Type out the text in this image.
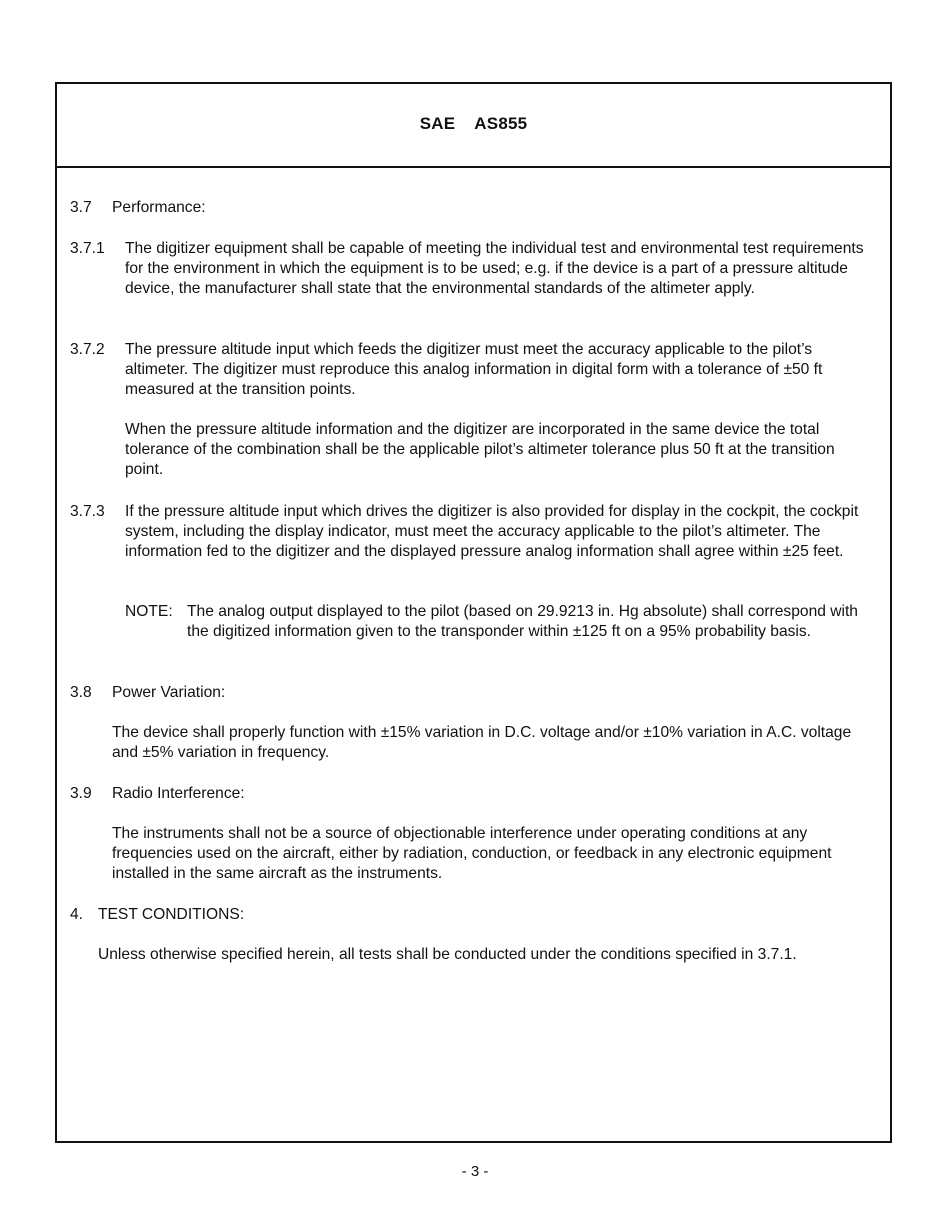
SAE    AS855
3.7 Performance:
3.7.1 The digitizer equipment shall be capable of meeting the individual test and environmental test requirements for the environment in which the equipment is to be used; e.g. if the device is a part of a pressure altitude device, the manufacturer shall state that the environmental standards of the altimeter apply.
3.7.2 The pressure altitude input which feeds the digitizer must meet the accuracy applicable to the pilot’s altimeter. The digitizer must reproduce this analog information in digital form with a tolerance of ±50 ft measured at the transition points.
When the pressure altitude information and the digitizer are incorporated in the same device the total tolerance of the combination shall be the applicable pilot’s altimeter tolerance plus 50 ft at the transition point.
3.7.3 If the pressure altitude input which drives the digitizer is also provided for display in the cockpit, the cockpit system, including the display indicator, must meet the accuracy applicable to the pilot’s altimeter. The information fed to the digitizer and the displayed pressure analog information shall agree within ±25 feet.
NOTE: The analog output displayed to the pilot (based on 29.9213 in. Hg absolute) shall correspond with the digitized information given to the transponder within ±125 ft on a 95% probability basis.
3.8 Power Variation:
The device shall properly function with ±15% variation in D.C. voltage and/or ±10% variation in A.C. voltage and ±5% variation in frequency.
3.9 Radio Interference:
The instruments shall not be a source of objectionable interference under operating conditions at any frequencies used on the aircraft, either by radiation, conduction, or feedback in any electronic equipment installed in the same aircraft as the instruments.
4. TEST CONDITIONS:
Unless otherwise specified herein, all tests shall be conducted under the conditions specified in 3.7.1.
- 3 -
